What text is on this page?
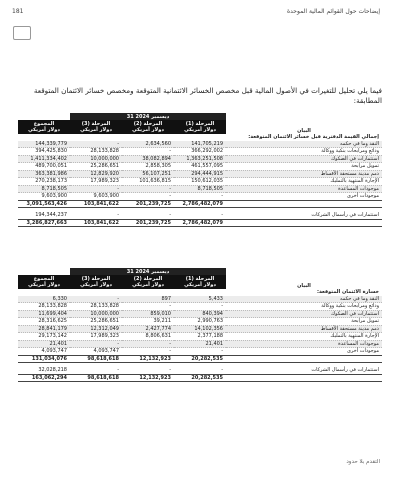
181	إيضاحات حول القوائم المالية الموحدة
فيما يلي تحليل للتغيرات في الأصول المالية قبل مخصص الخسائر الائتمانية المتوقعة ومخصص خسائر الائتمان المتوقعة المطابقة:
	31 ديسمبر 2024			
المجموع
دولار أمريكي	المرحلة (3)
دولار أمريكي	المرحلة (2)
دولار أمريكي	المرحلة (1)
دولار أمريكي	البيان
				إجمالي القيمة الدفترية قبل خسائر الائتمان المتوقعة:
144,339,779	-	2,634,560	141,705,219	النقد وما في حكمه
394,425,830	28,133,828	-	366,292,002	ودائع ومرابحات بنكية ووكالة
1,411,334,402	10,000,000	38,082,894	1,363,251,508	استثمارات في الصكوك
489,700,051	25,286,651	2,858,305	461,557,095	تمويل مرابحة
363,381,986	12,829,920	56,107,251	294,444,915	ذمم مدينة مستحقة الأقساط
270,238,173	17,989,323	101,636,815	150,612,035	الإجارة المنتهية بالتمليك
8,718,505	-	-	8,718,505	موجودات المساعدة
9,603,900	9,603,900	-	-	موجودات أخرى
3,091,563,426	103,841,622	201,239,725	2,786,482,079	

194,344,237	-	-	-	استثمارات في رأسمال الشركات
3,286,827,663	103,841,622	201,239,725	2,786,482,079	
	31 ديسمبر 2024			
المجموع
دولار أمريكي	المرحلة (3)
دولار أمريكي	المرحلة (2)
دولار أمريكي	المرحلة (1)
دولار أمريكي	البيان
				خسارة الائتمان المتوقعة:
6,330	-	897	5,433	النقد وما في حكمه
28,133,828	28,133,828	-	-	ودائع ومرابحات بنكية ووكالة
11,699,404	10,000,000	859,010	840,394	استثمارات في الصكوك
28,316,625	25,286,651	39,211	2,990,763	تمويل مرابحة
28,841,179	12,312,049	2,427,774	14,102,356	ذمم مدينة مستحقة الأقساط
29,173,142	17,989,323	8,806,631	2,377,188	الإجارة المنتهية بالتمليك
21,401	-	-	21,401	موجودات المساعدة
4,093,747	4,093,747	-	-	موجودات أخرى
131,034,076	98,618,618	12,132,923	20,282,535	

32,028,218	-	-	-	استثمارات في رأسمال الشركات
163,062,294	98,618,618	12,132,923	20,282,535	
التقدم بلا حدود
